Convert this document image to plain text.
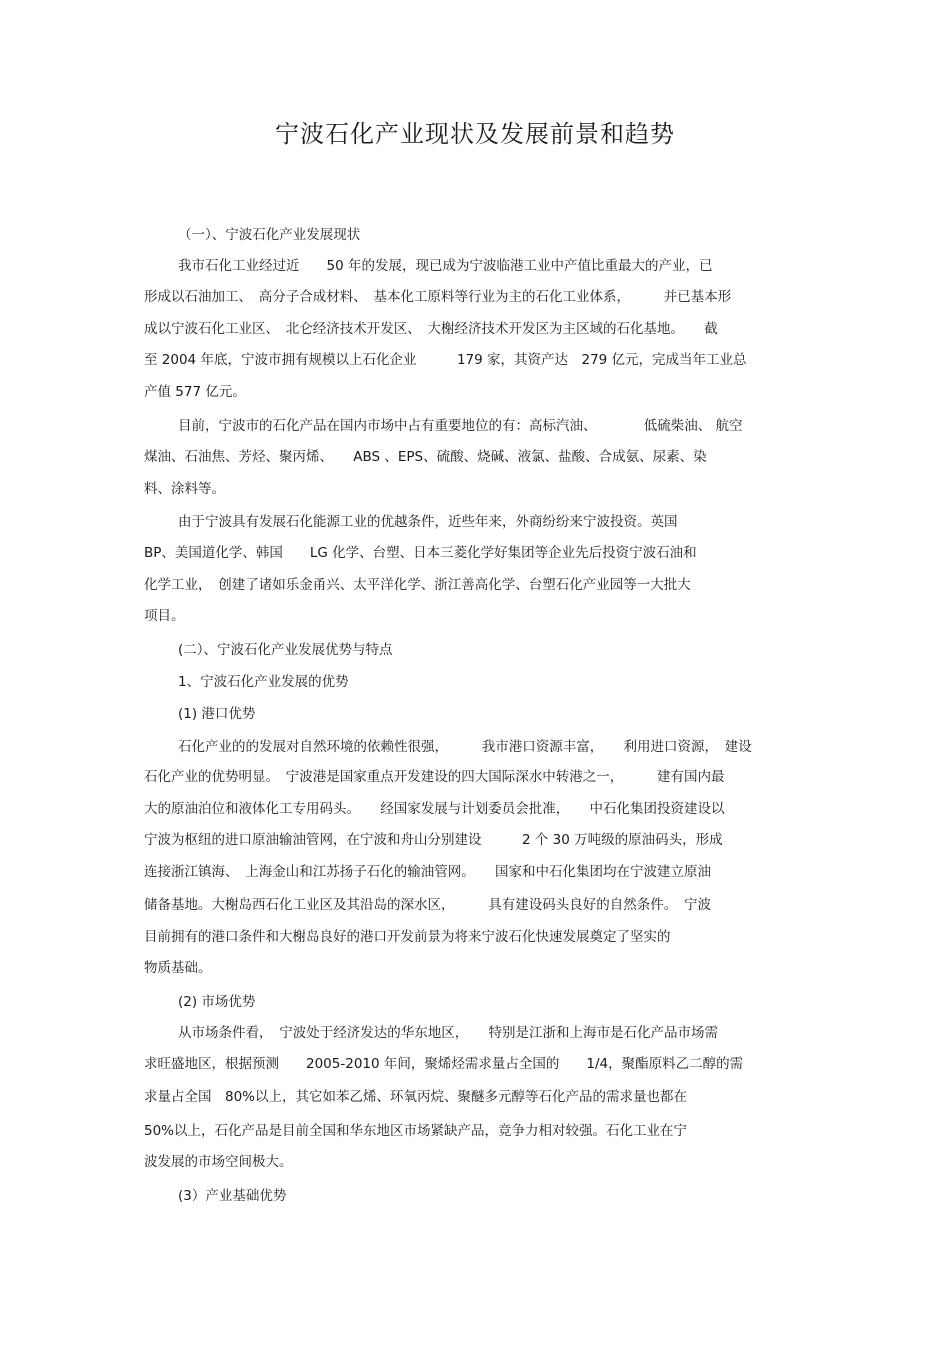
宁波石化产业现状及发展前景和趋势
（一）、宁波石化产业发展现状
我市石化工业经过近　　50 年的发展，现已成为宁波临港工业中产值比重最大的产业，已
形成以石油加工、　高分子合成材料、　基本化工原料等行业为主的石化工业体系，　　　并已基本形
成以宁波石化工业区、　北仑经济技术开发区、　大榭经济技术开发区为主区域的石化基地。　　截
至 2004 年底，宁波市拥有规模以上石化企业　　　179 家，其资产达　279 亿元，完成当年工业总
产值 577 亿元。
目前，宁波市的石化产品在国内市场中占有重要地位的有：高标汽油、　　　　低硫柴油、 航空
煤油、石油焦、芳烃、聚丙烯、　　ABS 、EPS、硫酸、烧碱、液氯、盐酸、合成氨、尿素、染
料、涂料等。
由于宁波具有发展石化能源工业的优越条件，近些年来，外商纷纷来宁波投资。英国
BP、美国道化学、韩国　　LG 化学、台塑、日本三菱化学好集团等企业先后投资宁波石油和
化学工业，　创建了诸如乐金甬兴、太平洋化学、浙江善高化学、台塑石化产业园等一大批大
项目。
(二）、宁波石化产业发展优势与特点
1、宁波石化产业发展的优势
(1) 港口优势
石化产业的的发展对自然环境的依赖性很强，　　　我市港口资源丰富，　　利用进口资源，　建设
石化产业的优势明显。　宁波港是国家重点开发建设的四大国际深水中转港之一，　　　建有国内最
大的原油泊位和液体化工专用码头。　　经国家发展与计划委员会批准，　　中石化集团投资建设以
宁波为枢纽的进口原油输油管网，在宁波和舟山分别建设　　　2 个 30 万吨级的原油码头，形成
连接浙江镇海、　上海金山和江苏扬子石化的输油管网。　　国家和中石化集团均在宁波建立原油
储备基地。大榭岛西石化工业区及其沿岛的深水区，　　　具有建设码头良好的自然条件。　宁波
目前拥有的港口条件和大榭岛良好的港口开发前景为将来宁波石化快速发展奠定了坚实的
物质基础。
(2) 市场优势
从市场条件看，　宁波处于经济发达的华东地区，　　特别是江浙和上海市是石化产品市场需
求旺盛地区，根据预测　　2005-2010 年间，聚烯烃需求量占全国的　　1/4，聚酯原料乙二醇的需
求量占全国　80%以上，其它如苯乙烯、环氧丙烷、聚醚多元醇等石化产品的需求量也都在
50%以上，石化产品是目前全国和华东地区市场紧缺产品，竞争力相对较强。石化工业在宁
波发展的市场空间极大。
(3）产业基础优势
